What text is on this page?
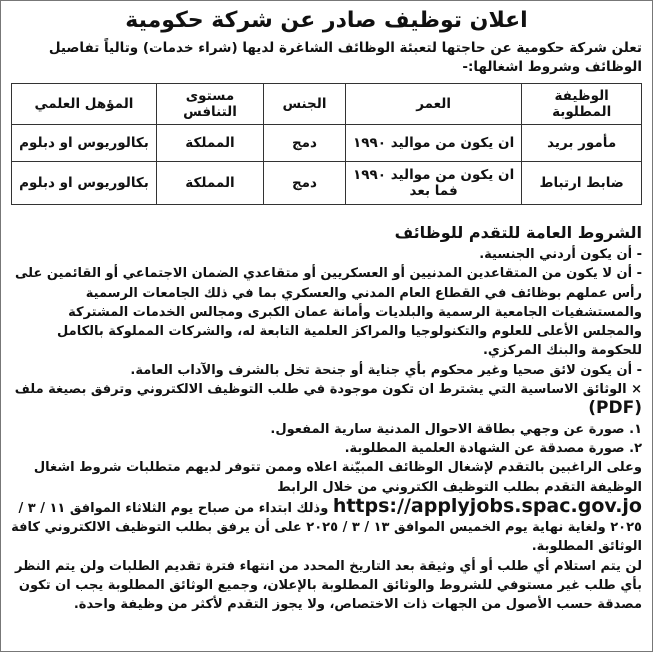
اعلان توظيف صادر عن شركة حكومية

تعلن شركة حكومية عن حاجتها لتعبئة الوظائف الشاغرة لديها (شراء خدمات) وتالياً تفاصيل الوظائف وشروط اشغالها:-

الوظيفة المطلوبة	العمر	الجنس	مستوى التنافس	المؤهل العلمي
مأمور بريد	ان يكون من مواليد ١٩٩٠	دمج	المملكة	بكالوريوس او دبلوم
ضابط ارتباط	ان يكون من مواليد ١٩٩٠ فما بعد	دمج	المملكة	بكالوريوس او دبلوم
الشروط العامة للتقدم للوظائف

- أن يكون أردني الجنسية.

- أن لا يكون من المتقاعدين المدنيين أو العسكريين أو متقاعدي الضمان الاجتماعي أو القائمين على رأس عملهم بوظائف في القطاع العام المدني والعسكري بما في ذلك الجامعات الرسمية والمستشفيات الجامعية الرسمية والبلديات وأمانة عمان الكبرى ومجالس الخدمات المشتركة والمجلس الأعلى للعلوم والتكنولوجيا والمراكز العلمية التابعة له، والشركات المملوكة بالكامل للحكومة والبنك المركزي.

- أن يكون لائق صحيا وغير محكوم بأي جناية أو جنحة تخل بالشرف والآداب العامة.

× الوثائق الاساسية التي يشترط ان تكون موجودة في طلب التوظيف الالكتروني وترفق بصيغة ملف (PDF)

١. صورة عن وجهي بطاقة الاحوال المدنية سارية المفعول.

٢. صورة مصدقة عن الشهادة العلمية المطلوبة.

وعلى الراغبين بالتقدم لإشغال الوظائف المبيّنة اعلاه وممن تتوفر لديهم متطلبات شروط اشغال الوظيفة التقدم بطلب التوظيف الكتروني من خلال الرابط https://applyjobs.spac.gov.jo وذلك ابتداء من صباح يوم الثلاثاء الموافق ١١ / ٣ / ٢٠٢٥ ولغاية نهاية يوم الخميس الموافق ١٣ / ٣ / ٢٠٢٥ على أن يرفق بطلب التوظيف الالكتروني كافة الوثائق المطلوبة.

لن يتم استلام أي طلب أو أي وثيقة بعد التاريخ المحدد من انتهاء فترة تقديم الطلبات ولن يتم النظر بأي طلب غير مستوفي للشروط والوثائق المطلوبة بالإعلان، وجميع الوثائق المطلوبة يجب ان تكون مصدقة حسب الأصول من الجهات ذات الاختصاص، ولا يجوز التقدم لأكثر من وظيفة واحدة.
